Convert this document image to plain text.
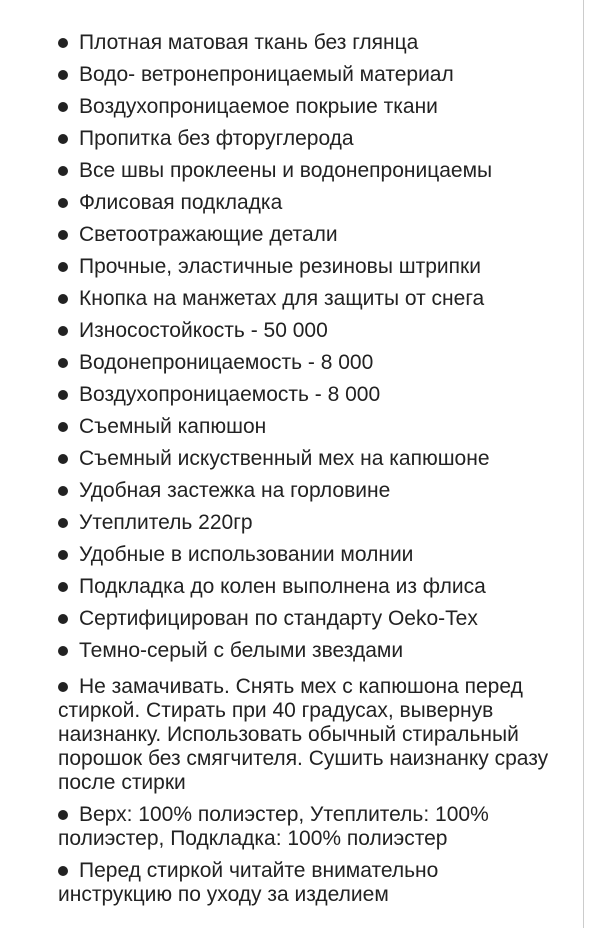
Плотная матовая ткань без глянца
Водо- ветронепроницаемый материал
Воздухопроницаемое покрыие ткани
Пропитка без фторуглерода
Все швы проклеены и водонепроницаемы
Флисовая подкладка
Светоотражающие детали
Прочные, эластичные резиновы штрипки
Кнопка на манжетах для защиты от снега
Износостойкость - 50 000
Водонепроницаемость - 8 000
Воздухопроницаемость - 8 000
Съемный капюшон
Съемный искуственный мех на капюшоне
Удобная застежка на горловине
Утеплитель 220гр
Удобные в использовании молнии
Подкладка до колен выполнена из флиса
Сертифицирован по стандарту Oeko-Tex
Темно-серый с белыми звездами
Не замачивать. Снять мех с капюшона перед стиркой. Стирать при 40 градусах, вывернув наизнанку. Использовать обычный стиральный порошок без смягчителя. Сушить наизнанку сразу после стирки
Верх: 100% полиэстер, Утеплитель: 100% полиэстер, Подкладка: 100% полиэстер
Перед стиркой читайте внимательно инструкцию по уходу за изделием
